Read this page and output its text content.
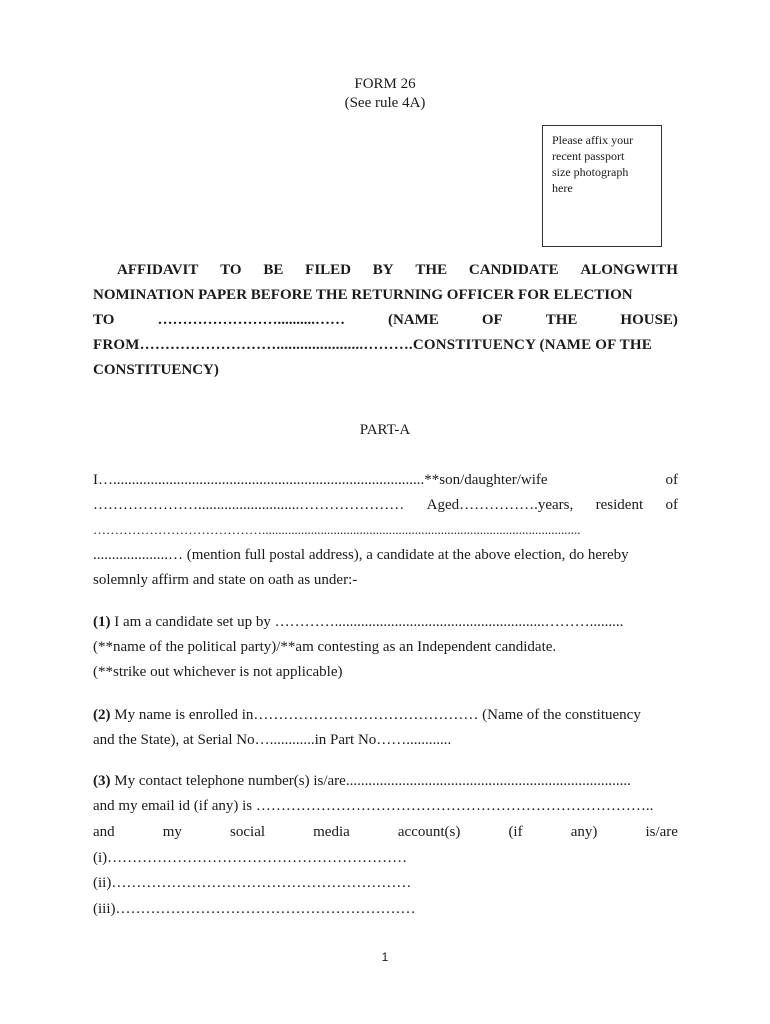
FORM 26
(See rule 4A)
Please affix your
recent passport
size photograph
here
AFFIDAVIT TO BE FILED BY THE CANDIDATE ALONGWITH
NOMINATION PAPER BEFORE THE RETURNING OFFICER FOR ELECTION
TO	……………………..........……	(NAME	OF	THE	HOUSE)
FROM………………………......................……….CONSTITUENCY (NAME OF THE
CONSTITUENCY)
PART-A
I…...................................................................................**son/daughter/wife	of
…………………...........................………………… Aged…………….years, resident of
…………………………………..................................................................................................
....................… (mention full postal address), a candidate at the above election, do hereby
solemnly affirm and state on oath as under:-
(1) I am a candidate set up by …………........................................................……….........
(**name of the political party)/**am contesting as an Independent candidate.
(**strike out whichever is not applicable)
(2) My name is enrolled in……………………………………… (Name of the constituency
and the State), at Serial No…............in Part No……............
(3) My contact telephone number(s) is/are............................................................................
and my email id (if any) is ……………………………………………………………………..
and	my	social	media	account(s)	(if	any)	is/are
(i)……………………………………………………
(ii)……………………………………………………
(iii)……………………………………………………
1
